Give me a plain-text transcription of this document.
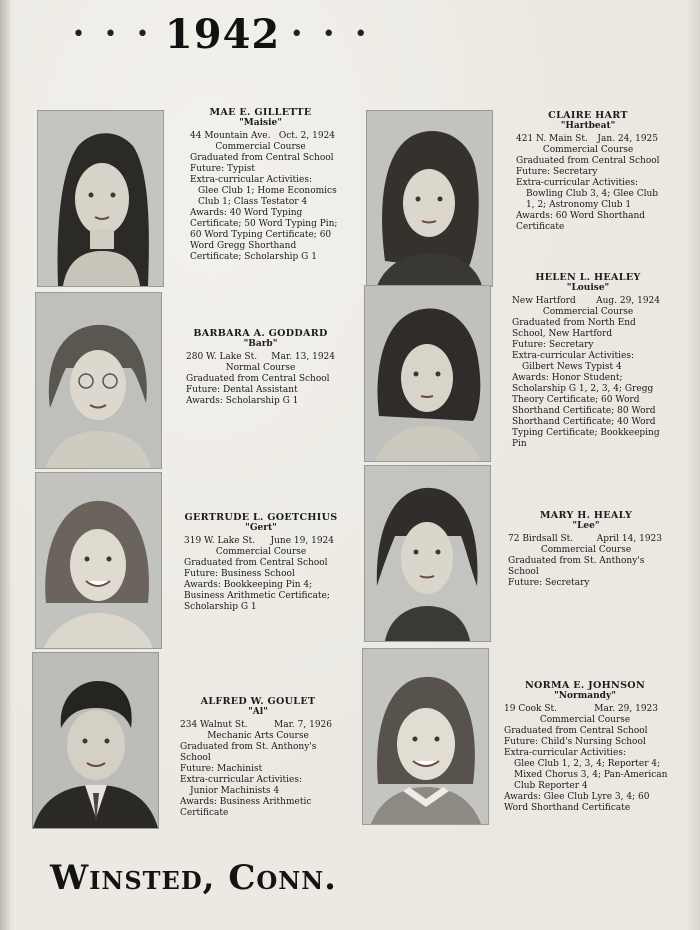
• • • 1942 • • •
MAE E. GILLETTE
"Maisie"
44 Mountain Ave. Oct. 2, 1924
Commercial Course
Graduated from Central School
Future: Typist
Extra-curricular Activities:
Glee Club 1; Home Economics Club 1; Class Testator 4
Awards: 40 Word Typing Certificate; 50 Word Typing Pin; 60 Word Typing Certificate; 60 Word Gregg Shorthand Certificate; Scholarship G 1
CLAIRE HART
"Hartbeat"
421 N. Main St. Jan. 24, 1925
Commercial Course
Graduated from Central School
Future: Secretary
Extra-curricular Activities:
Bowling Club 3, 4; Glee Club 1, 2; Astronomy Club 1
Awards: 60 Word Shorthand Certificate
BARBARA A. GODDARD
"Barb"
280 W. Lake St. Mar. 13, 1924
Normal Course
Graduated from Central School
Future: Dental Assistant
Awards: Scholarship G 1
HELEN L. HEALEY
"Louise"
New Hartford Aug. 29, 1924
Commercial Course
Graduated from North End School, New Hartford
Future: Secretary
Extra-curricular Activities:
Gilbert News Typist 4
Awards: Honor Student; Scholarship G 1, 2, 3, 4; Gregg Theory Certificate; 60 Word Shorthand Certificate; 80 Word Shorthand Certificate; 40 Word Typing Certificate; Bookkeeping Pin
GERTRUDE L. GOETCHIUS
"Gert"
319 W. Lake St. June 19, 1924
Commercial Course
Graduated from Central School
Future: Business School
Awards: Bookkeeping Pin 4; Business Arithmetic Certificate; Scholarship G 1
MARY H. HEALY
"Lee"
72 Birdsall St.	April 14, 1923
Commercial Course
Graduated from St. Anthony's School
Future: Secretary
ALFRED W. GOULET
"Al"
234 Walnut St.	Mar. 7, 1926
Mechanic Arts Course
Graduated from St. Anthony's School
Future: Machinist
Extra-curricular Activities:
Junior Machinists 4
Awards: Business Arithmetic Certificate
NORMA E. JOHNSON
"Normandy"
19 Cook St.	Mar. 29, 1923
Commercial Course
Graduated from Central School
Future: Child's Nursing School
Extra-curricular Activities:
Glee Club 1, 2, 3, 4; Reporter 4; Mixed Chorus 3, 4; Pan-American Club Reporter 4
Awards: Glee Club Lyre 3, 4; 60 Word Shorthand Certificate
Winsted, Conn.
